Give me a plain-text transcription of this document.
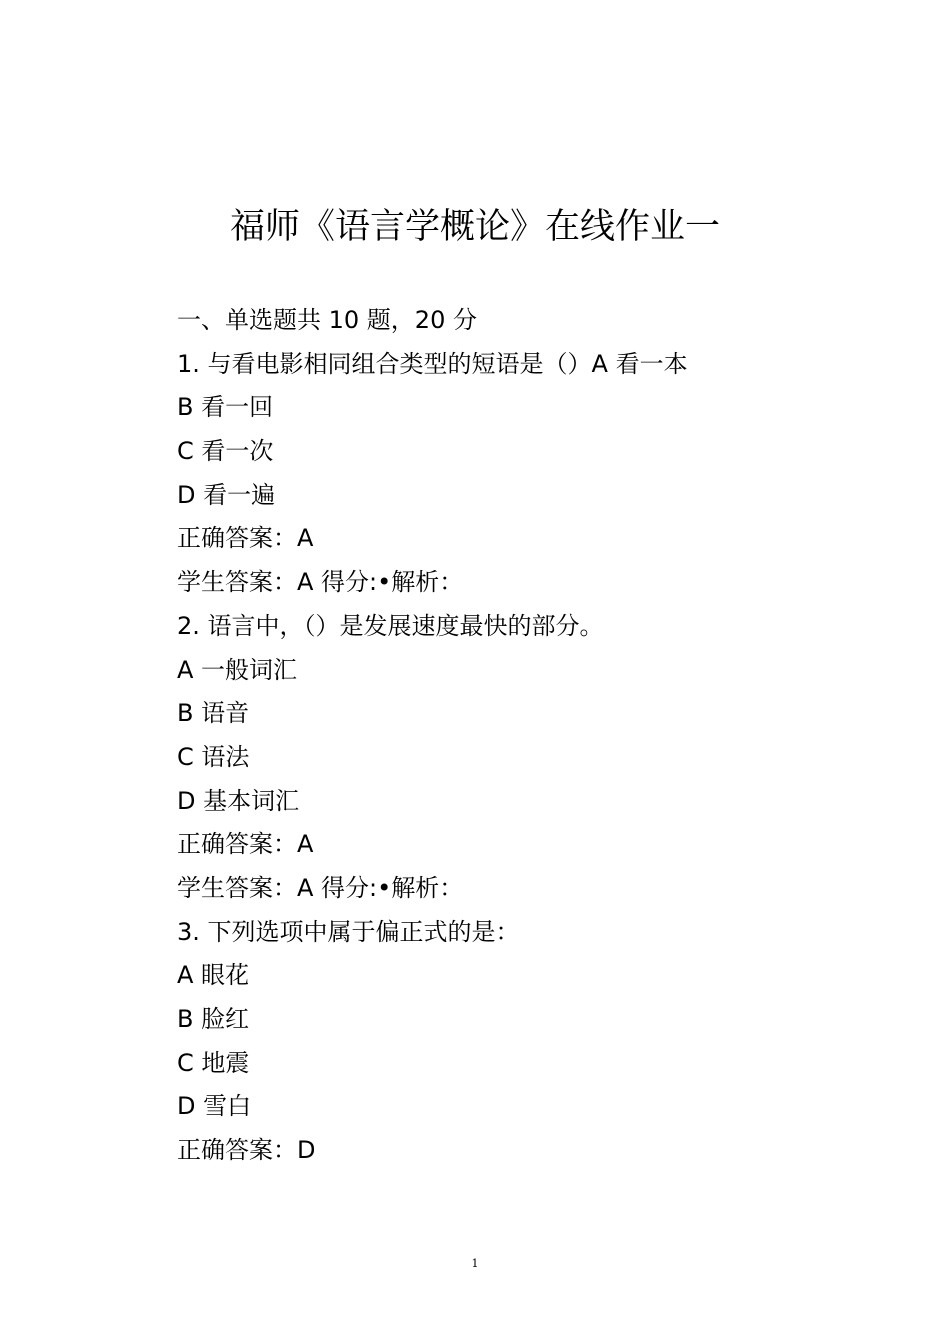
福师《语言学概论》在线作业一
一、单选题共 10 题，20 分
1. 与看电影相同组合类型的短语是（）A 看一本
B 看一回
C 看一次
D 看一遍
正确答案：A
学生答案：A 得分:•解析：
2. 语言中，（）是发展速度最快的部分。
A 一般词汇
B 语音
C 语法
D 基本词汇
正确答案：A
学生答案：A 得分:•解析：
3. 下列选项中属于偏正式的是：
A 眼花
B 脸红
C 地震
D 雪白
正确答案：D
1
